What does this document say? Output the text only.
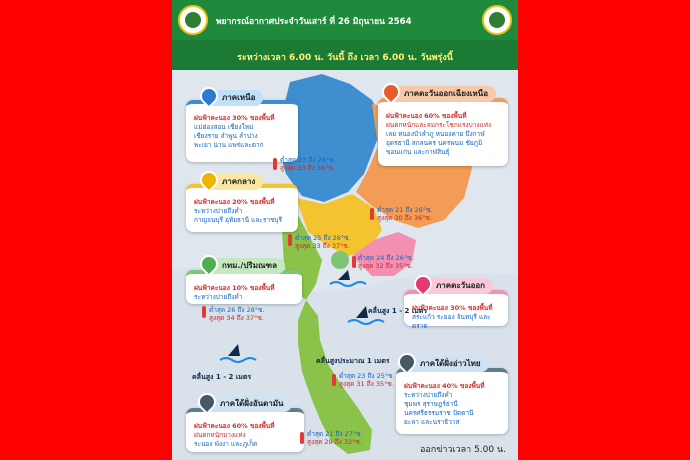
พยากรณ์อากาศประจำวันเสาร์ ที่ 26 มิถุนายน 2564
ระหว่างเวลา 6.00 น. วันนี้ ถึง เวลา 6.00 น. วันพรุ่งนี้
ภาคเหนือ
ฝนฟ้าคะนอง 30% ของพื้นที่
แม่ฮ่องสอน เชียงใหม่
เชียงราย ลำพูน ลำปาง
พะเยา น่าน แพร่และตาก
ต่ำสุด 23 ถึง 26°ซ.
สูงสุด 33 ถึง 36°ซ.
ภาคตะวันออกเฉียงเหนือ
ฝนฟ้าคะนอง 60% ของพื้นที่
ฝนตกหนักและลมกระโชกแรงบางแห่ง
เลย หนองบัวลำภู หนองคาย บึงกาฬ
อุดรธานี สกลนคร นครพนม ชัยภูมิ
ขอนแก่น และกาฬสินธุ์
ต่ำสุด 21 ถึง 26°ซ.
สูงสุด 30 ถึง 36°ซ.
ภาคกลาง
ฝนฟ้าคะนอง 20% ของพื้นที่
ระหว่างบ่ายถึงค่ำ
กาญจนบุรี อุทัยธานี และราชบุรี
ต่ำสุด 25 ถึง 26°ซ.
สูงสุด 33 ถึง 37°ซ.
ต่ำสุด 24 ถึง 26°ซ.
สูงสุด 32 ถึง 35°ซ.
กทม./ปริมณฑล
ฝนฟ้าคะนอง 10% ของพื้นที่
ระหว่างบ่ายถึงค่ำ
ต่ำสุด 26 ถึง 28°ซ.
สูงสุด 34 ถึง 37°ซ.
ภาคตะวันออก
ฝนฟ้าคะนอง 30% ของพื้นที่
สระแก้ว ระยอง จันทบุรี และตราด
คลื่นสูง 1 - 2 เมตร
คลื่นสูง 1 - 2 เมตร
คลื่นสูงประมาณ 1 เมตร
ต่ำสุด 23 ถึง 25°ซ.
สูงสุด 31 ถึง 35°ซ.
ภาคใต้ฝั่งอ่าวไทย
ฝนฟ้าคะนอง 40% ของพื้นที่
ระหว่างบ่ายถึงค่ำ
ชุมพร สุราษฎร์ธานี
นครศรีธรรมราช ปัตตานี
ยะลา และนราธิวาส
ภาคใต้ฝั่งอันดามัน
ฝนฟ้าคะนอง 60% ของพื้นที่
ฝนตกหนักบางแห่ง
ระนอง พังงา และภูเก็ต
ต่ำสุด 21 ถึง 27°ซ.
สูงสุด 29 ถึง 32°ซ.
ออกข่าวเวลา 5.00 น.
